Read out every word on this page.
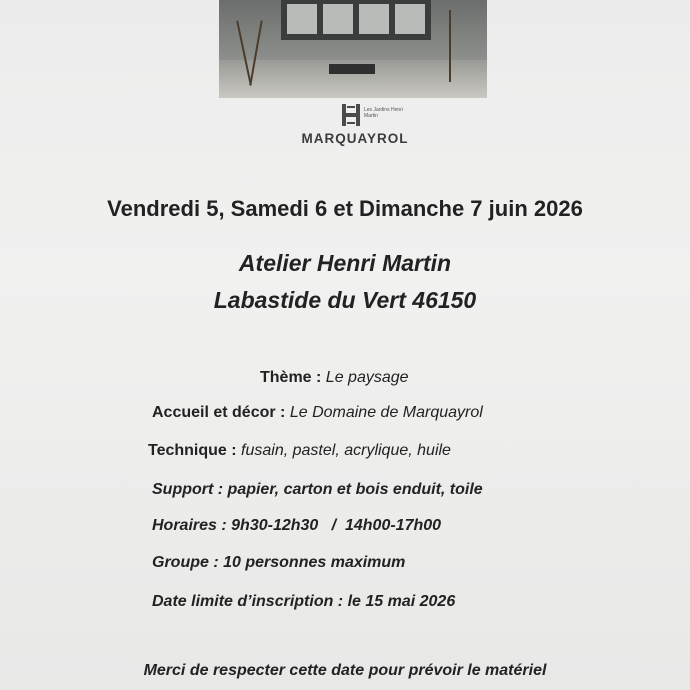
Les Jardins Henri Martin
MARQUAYROL
Vendredi 5, Samedi 6 et Dimanche 7 juin 2026
Atelier Henri Martin
Labastide du Vert 46150
Thème : Le paysage
Accueil et décor : Le Domaine de Marquayrol
Technique : fusain, pastel, acrylique, huile
Support : papier, carton et bois enduit, toile
Horaires : 9h30-12h30   /  14h00-17h00
Groupe : 10 personnes maximum
Date limite d’inscription : le 15 mai 2026
Merci de respecter cette date pour prévoir le matériel
